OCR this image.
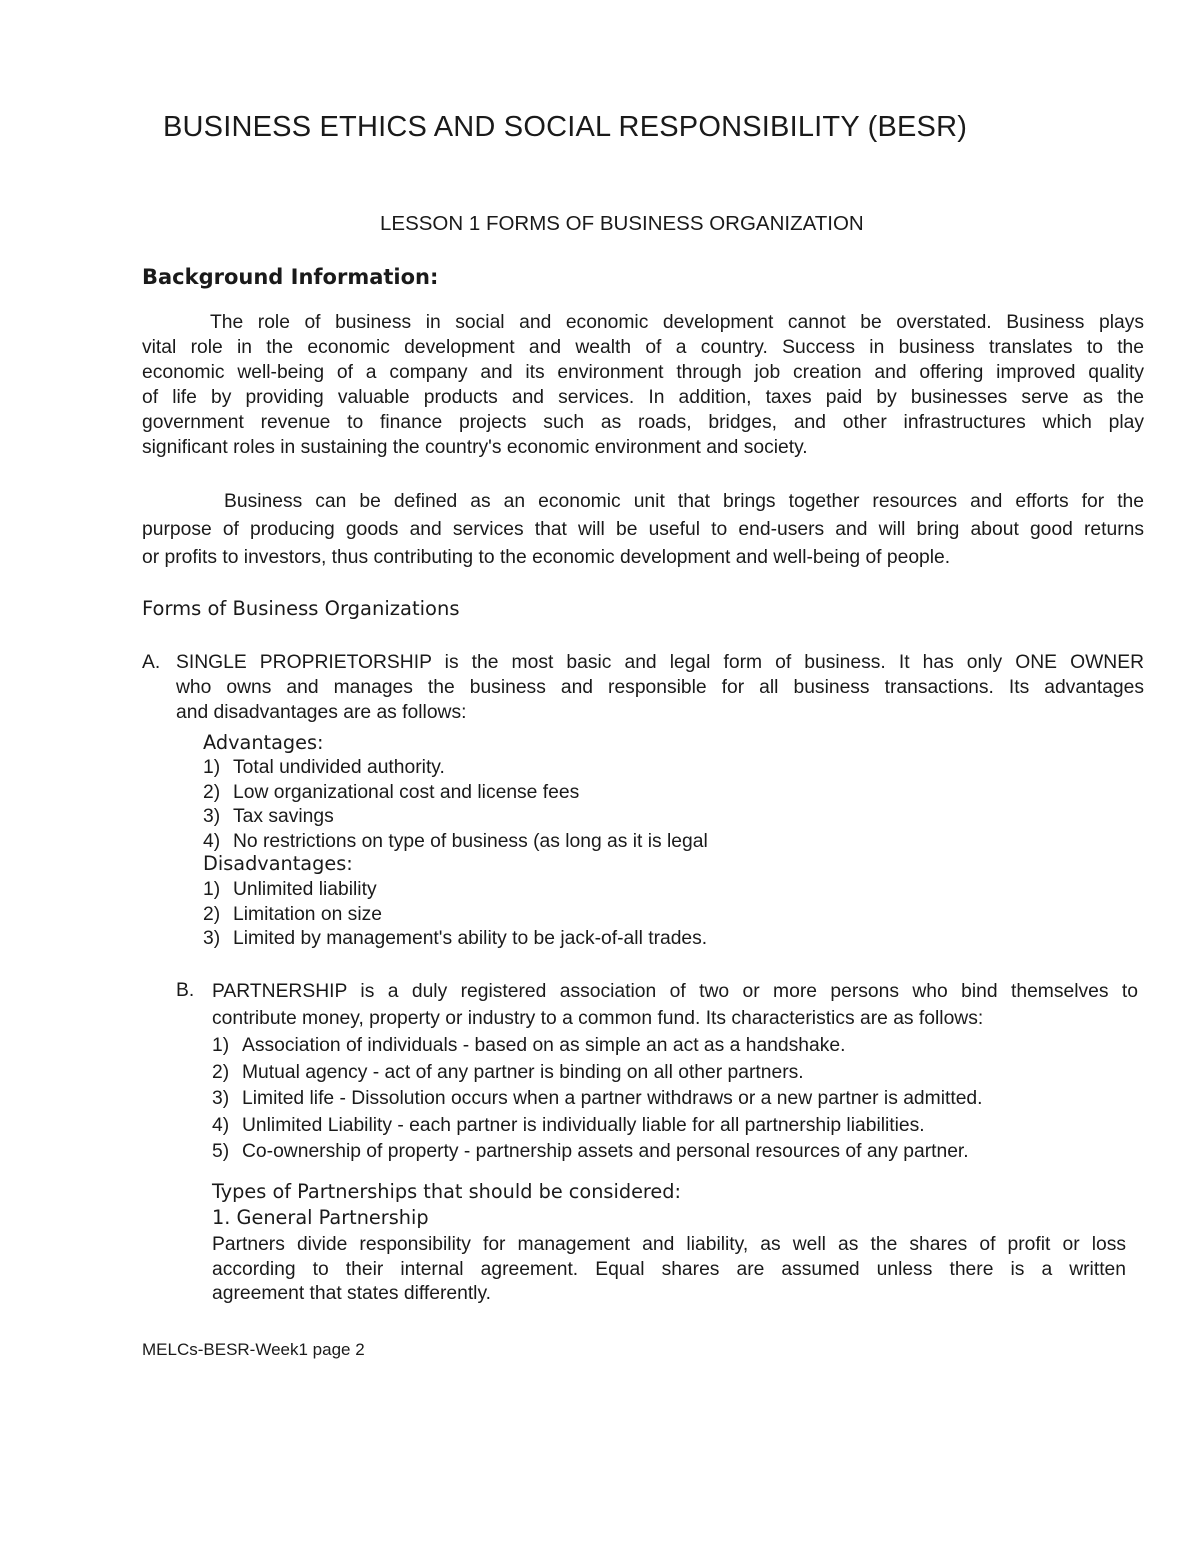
BUSINESS ETHICS AND SOCIAL RESPONSIBILITY (BESR)
LESSON 1 FORMS OF BUSINESS ORGANIZATION
Background Information:
The role of business in social and economic development cannot be overstated. Business plays
vital role in the economic development and wealth of a country. Success in business translates to the
economic well-being of a company and its environment through job creation and offering improved quality
of life by providing valuable products and services. In addition, taxes paid by businesses serve as the
government revenue to finance projects such as roads, bridges, and other infrastructures which play
significant roles in sustaining the country's economic environment and society.
Business can be defined as an economic unit that brings together resources and efforts for the
purpose of producing goods and services that will be useful to end-users and will bring about good returns
or profits to investors, thus contributing to the economic development and well-being of people.
Forms of Business Organizations
A. SINGLE PROPRIETORSHIP is the most basic and legal form of business. It has only ONE OWNER
who owns and manages the business and responsible for all business transactions. Its advantages
and disadvantages are as follows:
Advantages:
1) Total undivided authority.
2) Low organizational cost and license fees
3) Tax savings
4) No restrictions on type of business (as long as it is legal
Disadvantages:
1) Unlimited liability
2) Limitation on size
3) Limited by management's ability to be jack-of-all trades.
B. PARTNERSHIP is a duly registered association of two or more persons who bind themselves to
contribute money, property or industry to a common fund. Its characteristics are as follows:
1) Association of individuals - based on as simple an act as a handshake.
2) Mutual agency - act of any partner is binding on all other partners.
3) Limited life - Dissolution occurs when a partner withdraws or a new partner is admitted.
4) Unlimited Liability - each partner is individually liable for all partnership liabilities.
5) Co-ownership of property - partnership assets and personal resources of any partner.
Types of Partnerships that should be considered:
1. General Partnership
Partners divide responsibility for management and liability, as well as the shares of profit or loss
according to their internal agreement. Equal shares are assumed unless there is a written
agreement that states differently.
MELCs-BESR-Week1 page 2
